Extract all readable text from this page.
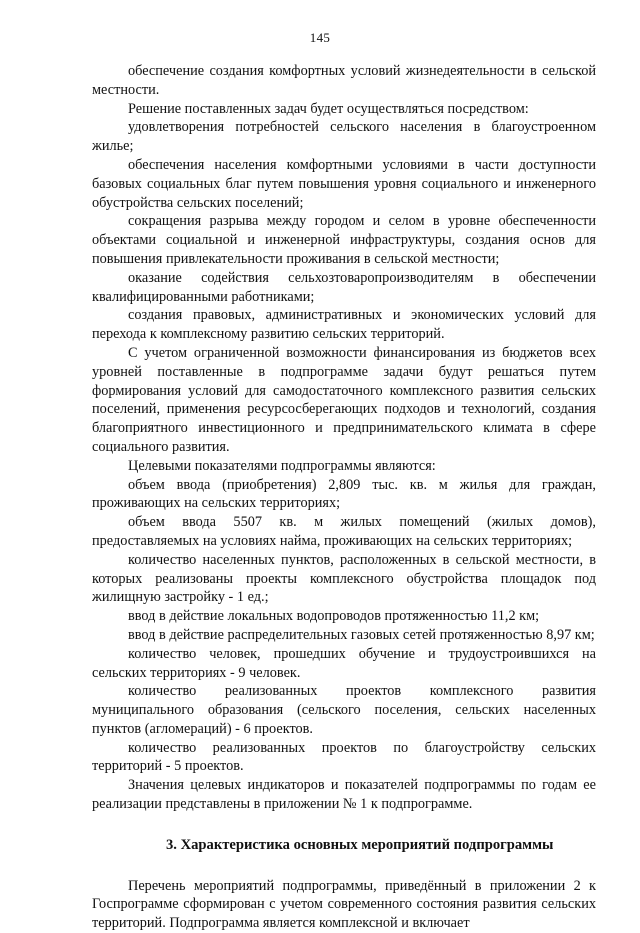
145

обеспечение создания комфортных условий жизнедеятельности в сельской местности.

Решение поставленных задач будет осуществляться посредством:

удовлетворения потребностей сельского населения в благоустроенном жилье;

обеспечения населения комфортными условиями в части доступности базовых социальных благ путем повышения уровня социального и инженерного обустройства сельских поселений;

сокращения разрыва между городом и селом в уровне обеспеченности объектами социальной и инженерной инфраструктуры, создания основ для повышения привлекательности проживания в сельской местности;

оказание содействия сельхозтоваропроизводителям в обеспечении квалифицированными работниками;

создания правовых, административных и экономических условий для перехода к комплексному развитию сельских территорий.

С учетом ограниченной возможности финансирования из бюджетов всех уровней поставленные в подпрограмме задачи будут решаться путем формирования условий для самодостаточного комплексного развития сельских поселений, применения ресурсосберегающих подходов и технологий, создания благоприятного инвестиционного и предпринимательского климата в сфере социального развития.

Целевыми показателями подпрограммы являются:

объем ввода (приобретения) 2,809 тыс. кв. м жилья для граждан, проживающих на сельских территориях;

объем ввода 5507 кв. м жилых помещений (жилых домов), предоставляемых на условиях найма, проживающих на сельских территориях;

количество населенных пунктов, расположенных в сельской местности, в которых реализованы проекты комплексного обустройства площадок под жилищную застройку - 1 ед.;

ввод в действие локальных водопроводов протяженностью 11,2 км;

ввод в действие распределительных газовых сетей протяженностью 8,97 км;

количество человек, прошедших обучение и трудоустроившихся на сельских территориях - 9 человек.

количество реализованных проектов комплексного развития муниципального образования (сельского поселения, сельских населенных пунктов (агломераций) - 6 проектов.

количество реализованных проектов по благоустройству сельских территорий - 5 проектов.

Значения целевых индикаторов и показателей подпрограммы по годам ее реализации представлены в приложении № 1 к подпрограмме.

3. Характеристика основных мероприятий подпрограммы

Перечень мероприятий подпрограммы, приведённый в приложении 2 к Госпрограмме сформирован с учетом современного состояния развития сельских территорий. Подпрограмма является комплексной и включает
